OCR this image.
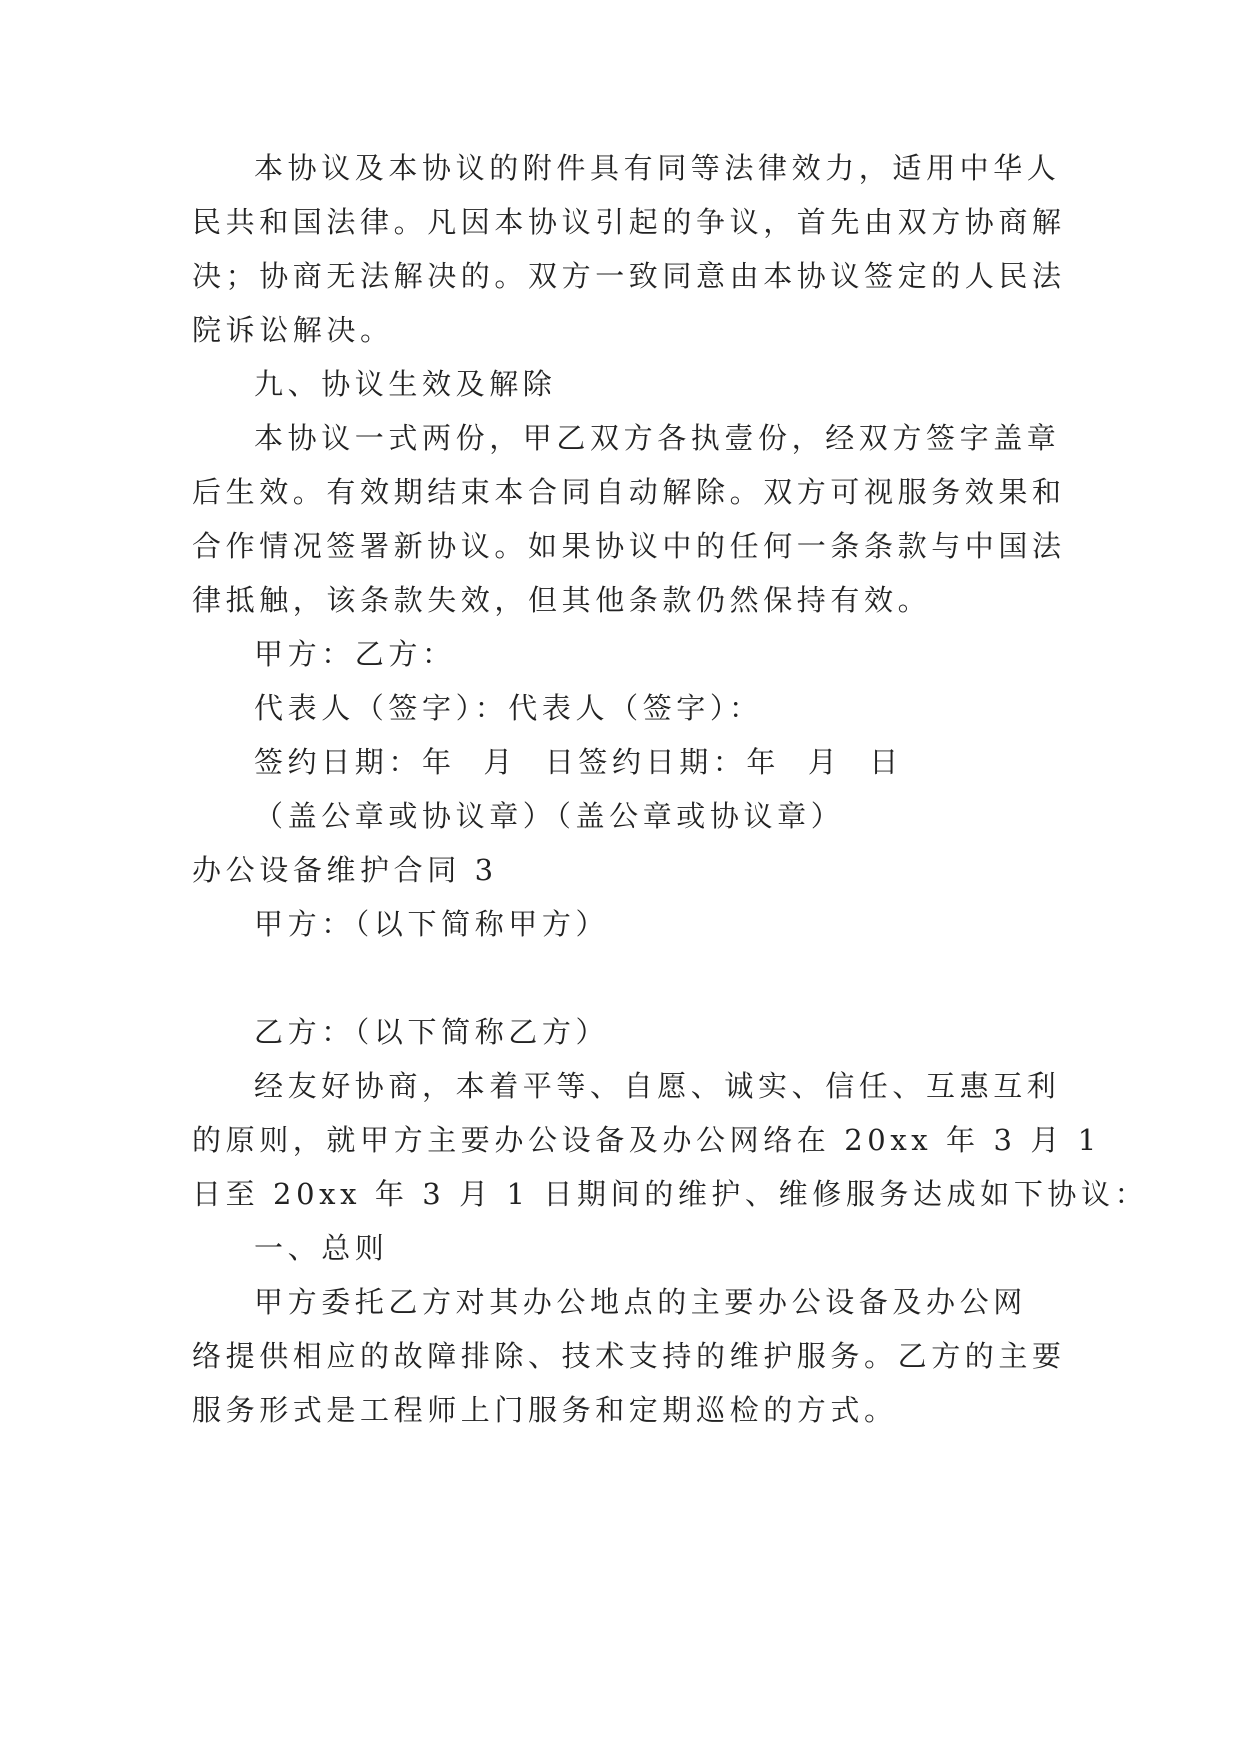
本协议及本协议的附件具有同等法律效力，适用中华人

民共和国法律。凡因本协议引起的争议，首先由双方协商解

决；协商无法解决的。双方一致同意由本协议签定的人民法

院诉讼解决。

九、协议生效及解除

本协议一式两份，甲乙双方各执壹份，经双方签字盖章

后生效。有效期结束本合同自动解除。双方可视服务效果和

合作情况签署新协议。如果协议中的任何一条条款与中国法

律抵触，该条款失效，但其他条款仍然保持有效。

甲方：乙方：

代表人（签字）：代表人（签字）：

签约日期：年 月 日签约日期：年 月 日

（盖公章或协议章）（盖公章或协议章）

办公设备维护合同 3

甲方：（以下简称甲方）

乙方：（以下简称乙方）

经友好协商，本着平等、自愿、诚实、信任、互惠互利

的原则，就甲方主要办公设备及办公网络在 20xx 年 3 月 1

日至 20xx 年 3 月 1 日期间的维护、维修服务达成如下协议：

一、总则

甲方委托乙方对其办公地点的主要办公设备及办公网

络提供相应的故障排除、技术支持的维护服务。乙方的主要

服务形式是工程师上门服务和定期巡检的方式。
